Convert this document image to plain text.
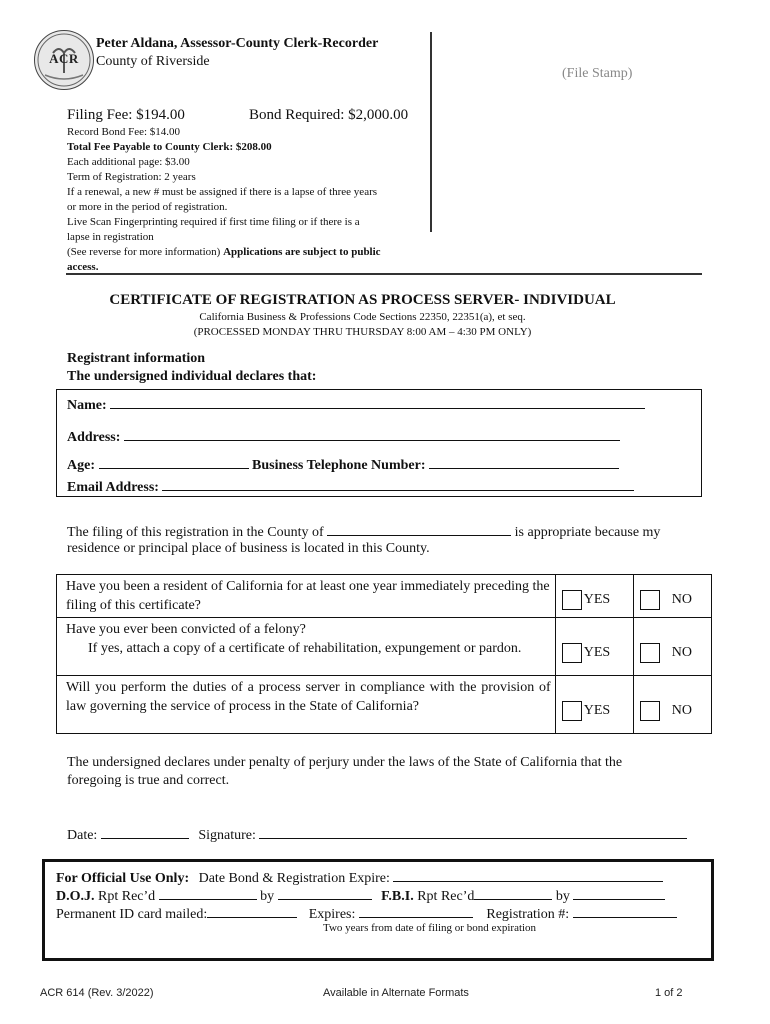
ACR
Peter Aldana, Assessor-County Clerk-Recorder
County of Riverside
(File Stamp)
Filing Fee: $194.00	Bond Required: $2,000.00

Record Bond Fee: $14.00

Total Fee Payable to County Clerk: $208.00

Each additional page: $3.00

Term of Registration: 2 years

If a renewal, a new # must be assigned if there is a lapse of three years

or more in the period of registration.

Live Scan Fingerprinting required if first time filing or if there is a

lapse in registration

(See reverse for more information) Applications are subject to public

access.

CERTIFICATE OF REGISTRATION AS PROCESS SERVER- INDIVIDUAL
California Business & Professions Code Sections 22350, 22351(a), et seq.
(PROCESSED MONDAY THRU THURSDAY 8:00 AM – 4:30 PM ONLY)
Registrant information
The undersigned individual declares that:
Name:
Address:
Age:	Business Telephone Number:
Email Address:
The filing of this registration in the County of	is appropriate because my
residence or principal place of business is located in this County.
Have you been a resident of California for at least one year immediately preceding the filing of this certificate?	YES	NO

Have you ever been convicted of a felony?
If yes, attach a copy of a certificate of rehabilitation, expungement or pardon.	YES	NO

Will you perform the duties of a process server in compliance with the provision of law governing the service of process in the State of California?	YES	NO
The undersigned declares under penalty of perjury under the laws of the State of California that the
foregoing is true and correct.
Date:	Signature:
For Official Use Only: Date Bond & Registration Expire:
D.O.J. Rpt Rec’d	by	F.B.I. Rpt Rec’d	by
Permanent ID card mailed:	Expires:	Registration #:
Two years from date of filing or bond expiration
ACR 614 (Rev. 3/2022)	Available in Alternate Formats	1 of 2
